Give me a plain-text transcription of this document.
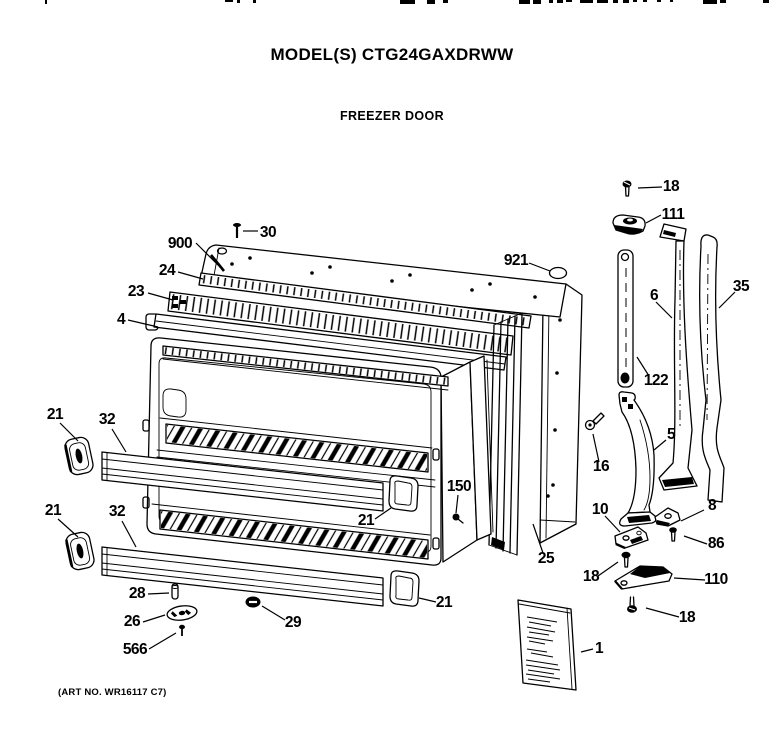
MODEL(S) CTG24GAXDRWW
FREEZER DOOR
(ART NO. WR16117 C7)
900
30
24
23
4
921
18
111
6
35
122
16
5
21 32
21	32
150
21
25
10	8
86
18	110
18
1
21
28
26	29
566
